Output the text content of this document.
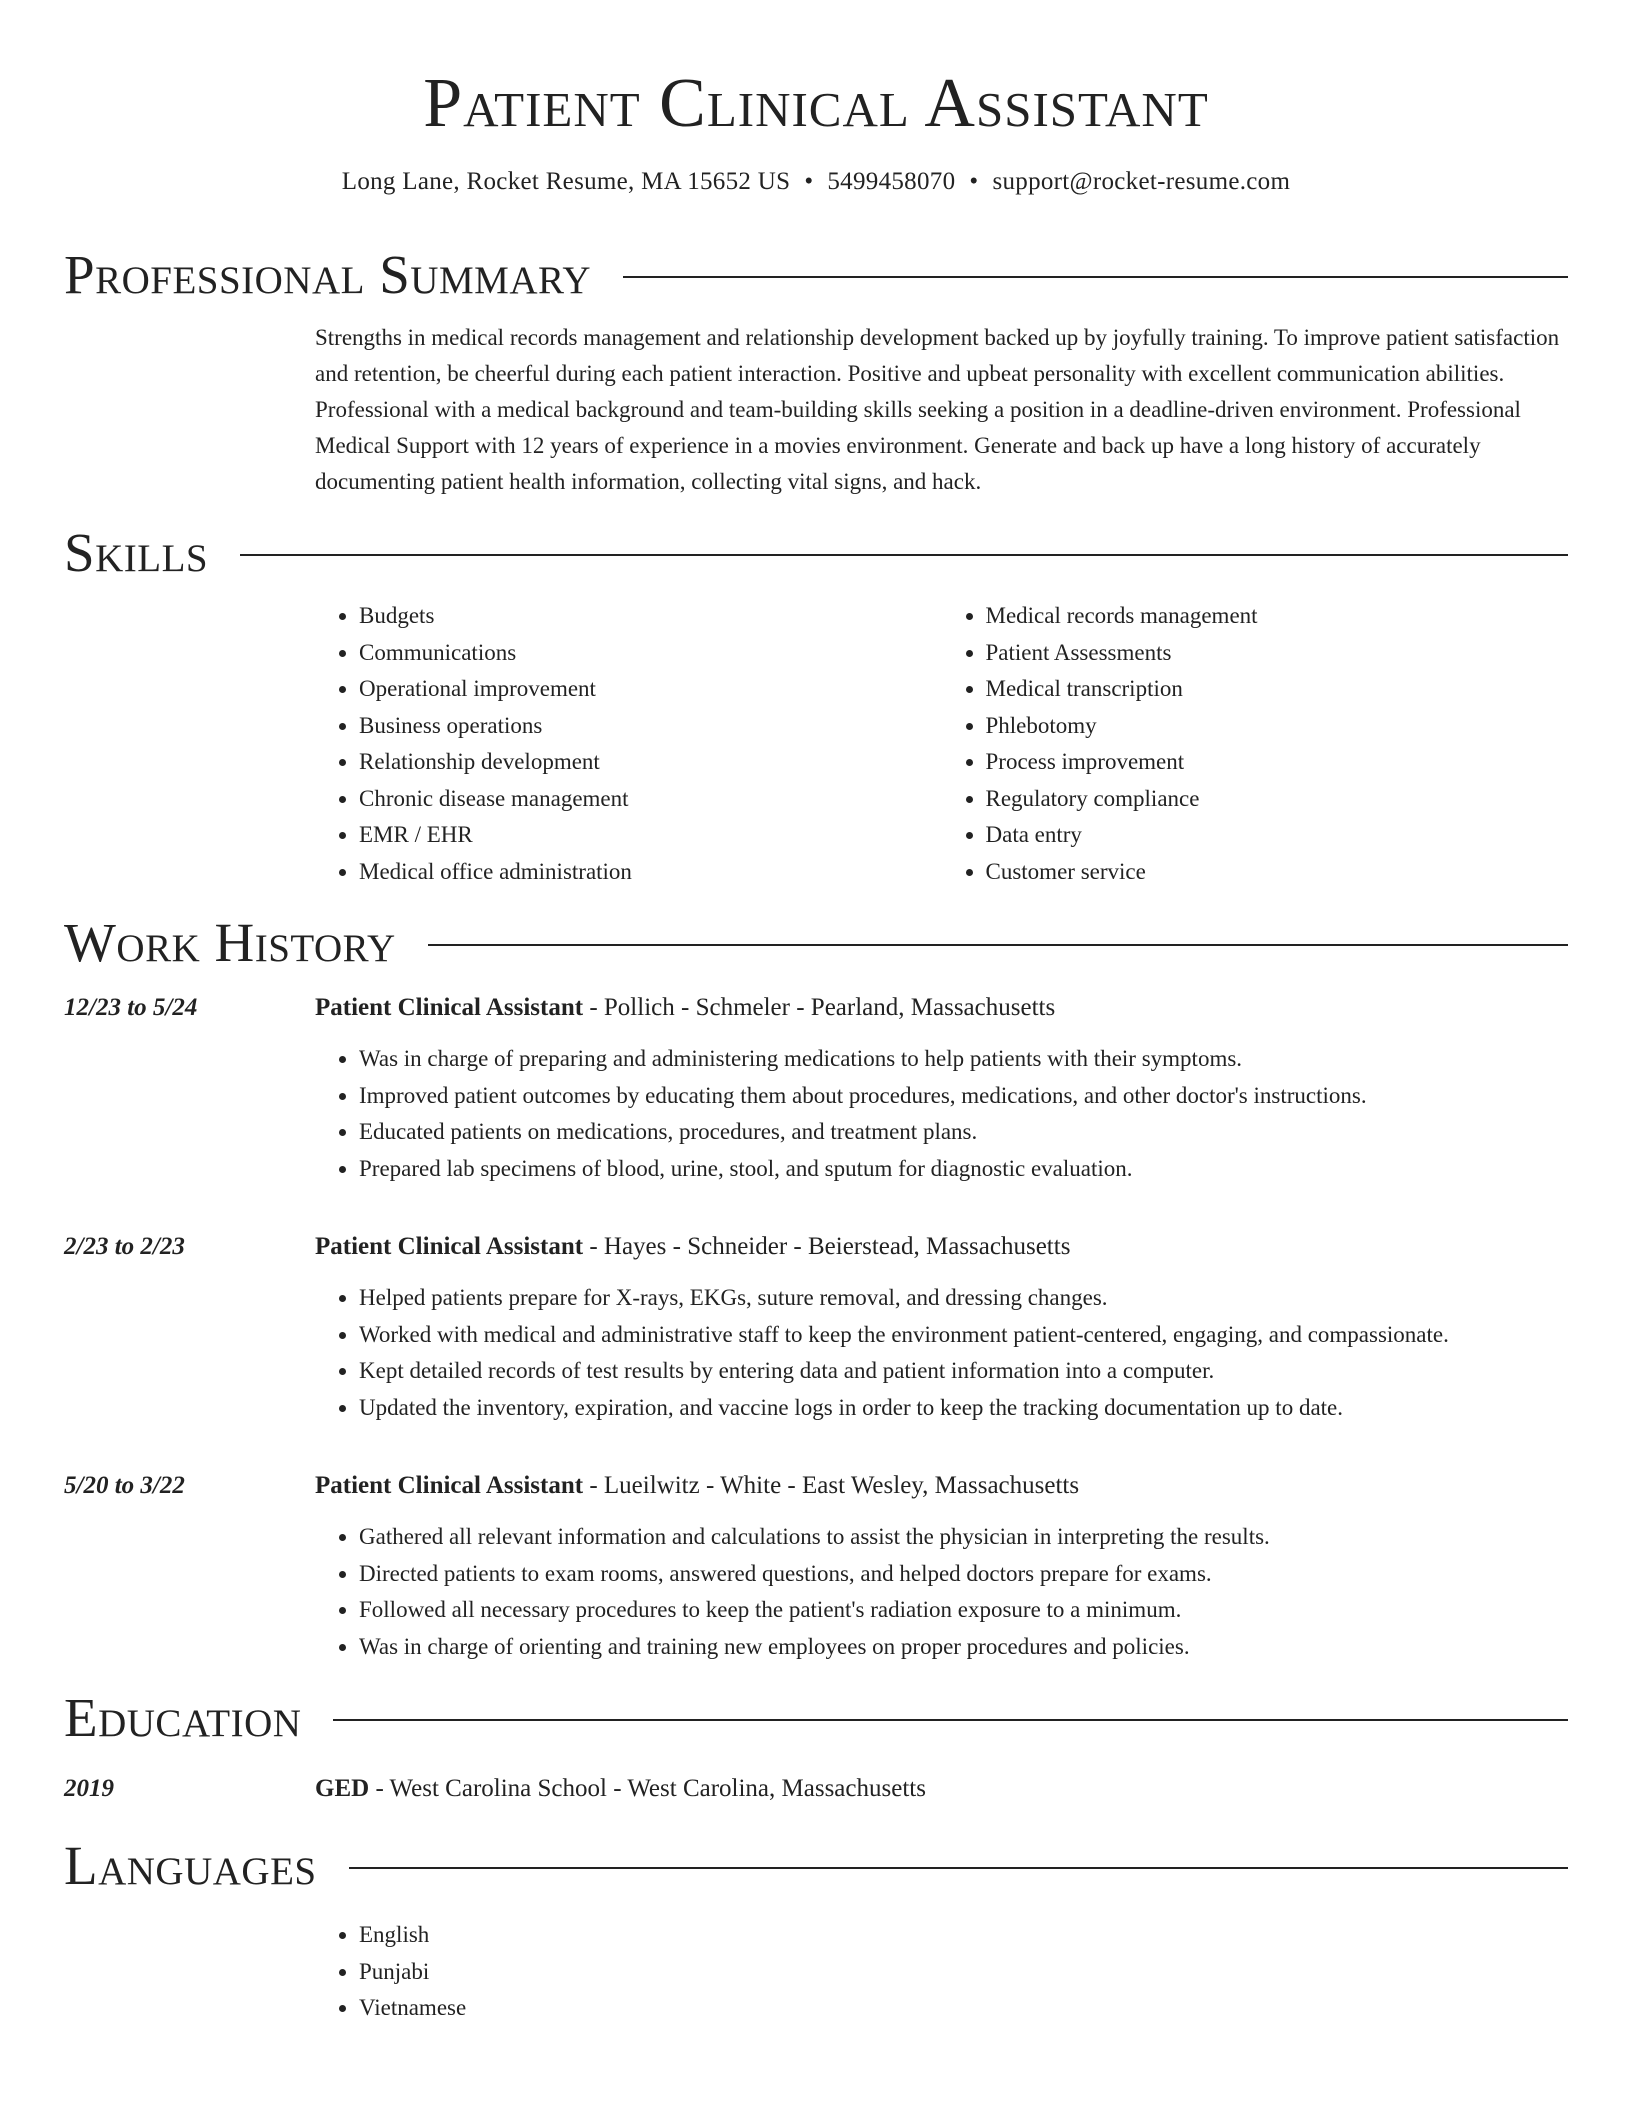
Patient Clinical Assistant
Long Lane, Rocket Resume, MA 15652 US • 5499458070 • support@rocket-resume.com
Professional Summary
Strengths in medical records management and relationship development backed up by joyfully training. To improve patient satisfaction and retention, be cheerful during each patient interaction. Positive and upbeat personality with excellent communication abilities. Professional with a medical background and team-building skills seeking a position in a deadline-driven environment. Professional Medical Support with 12 years of experience in a movies environment. Generate and back up have a long history of accurately documenting patient health information, collecting vital signs, and hack.
Skills
• Budgets
• Communications
• Operational improvement
• Business operations
• Relationship development
• Chronic disease management
• EMR / EHR
• Medical office administration
• Medical records management
• Patient Assessments
• Medical transcription
• Phlebotomy
• Process improvement
• Regulatory compliance
• Data entry
• Customer service
Work History
12/23 to 5/24	Patient Clinical Assistant - Pollich - Schmeler - Pearland, Massachusetts
• Was in charge of preparing and administering medications to help patients with their symptoms.
• Improved patient outcomes by educating them about procedures, medications, and other doctor's instructions.
• Educated patients on medications, procedures, and treatment plans.
• Prepared lab specimens of blood, urine, stool, and sputum for diagnostic evaluation.
2/23 to 2/23	Patient Clinical Assistant - Hayes - Schneider - Beierstead, Massachusetts
• Helped patients prepare for X-rays, EKGs, suture removal, and dressing changes.
• Worked with medical and administrative staff to keep the environment patient-centered, engaging, and compassionate.
• Kept detailed records of test results by entering data and patient information into a computer.
• Updated the inventory, expiration, and vaccine logs in order to keep the tracking documentation up to date.
5/20 to 3/22	Patient Clinical Assistant - Lueilwitz - White - East Wesley, Massachusetts
• Gathered all relevant information and calculations to assist the physician in interpreting the results.
• Directed patients to exam rooms, answered questions, and helped doctors prepare for exams.
• Followed all necessary procedures to keep the patient's radiation exposure to a minimum.
• Was in charge of orienting and training new employees on proper procedures and policies.
Education
2019	GED - West Carolina School - West Carolina, Massachusetts
Languages
• English
• Punjabi
• Vietnamese
